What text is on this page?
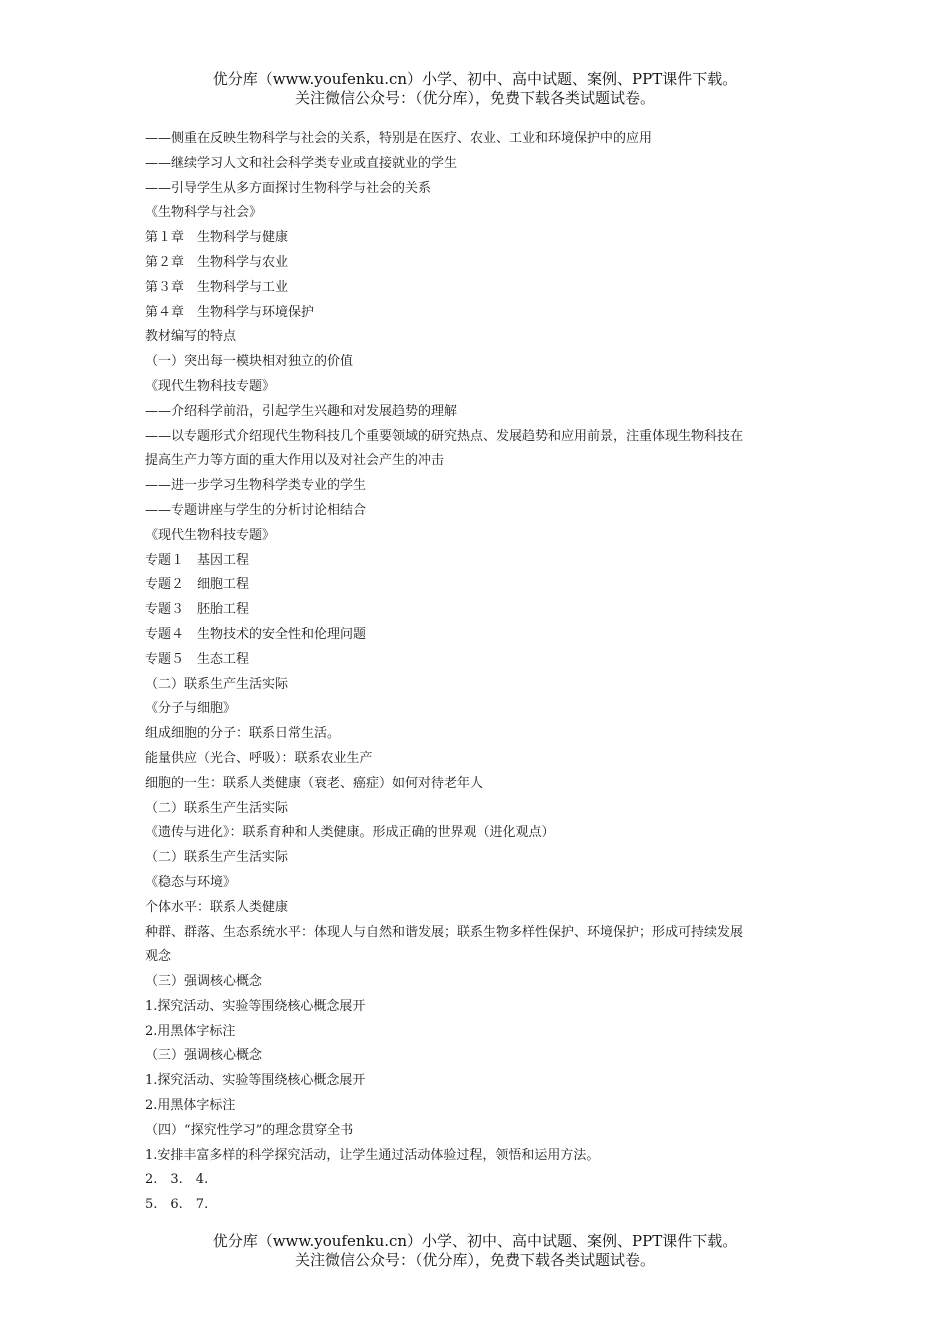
优分库（www.youfenku.cn）小学、初中、高中试题、案例、PPT课件下载。
关注微信公众号：（优分库），免费下载各类试题试卷。
——侧重在反映生物科学与社会的关系，特别是在医疗、农业、工业和环境保护中的应用
——继续学习人文和社会科学类专业或直接就业的学生
——引导学生从多方面探讨生物科学与社会的关系
《生物科学与社会》
第１章　生物科学与健康
第２章　生物科学与农业
第３章　生物科学与工业
第４章　生物科学与环境保护
教材编写的特点
（一）突出每一模块相对独立的价值
《现代生物科技专题》
——介绍科学前沿，引起学生兴趣和对发展趋势的理解
——以专题形式介绍现代生物科技几个重要领域的研究热点、发展趋势和应用前景，注重体现生物科技在
提高生产力等方面的重大作用以及对社会产生的冲击
——进一步学习生物科学类专业的学生
——专题讲座与学生的分析讨论相结合
《现代生物科技专题》
专题１　基因工程
专题２　细胞工程
专题３　胚胎工程
专题４　生物技术的安全性和伦理问题
专题５　生态工程
（二）联系生产生活实际
《分子与细胞》
组成细胞的分子：联系日常生活。
能量供应（光合、呼吸）：联系农业生产
细胞的一生：联系人类健康（衰老、癌症）如何对待老年人
（二）联系生产生活实际
《遗传与进化》：联系育种和人类健康。形成正确的世界观（进化观点）
（二）联系生产生活实际
《稳态与环境》
个体水平：联系人类健康
种群、群落、生态系统水平：体现人与自然和谐发展；联系生物多样性保护、环境保护；形成可持续发展
观念
（三）强调核心概念
1.探究活动、实验等围绕核心概念展开
2.用黑体字标注
（三）强调核心概念
1.探究活动、实验等围绕核心概念展开
2.用黑体字标注
（四）“探究性学习”的理念贯穿全书
1.安排丰富多样的科学探究活动，让学生通过活动体验过程，领悟和运用方法。
2.　3.　4.
5.　6.　7.
优分库（www.youfenku.cn）小学、初中、高中试题、案例、PPT课件下载。
关注微信公众号：（优分库），免费下载各类试题试卷。
